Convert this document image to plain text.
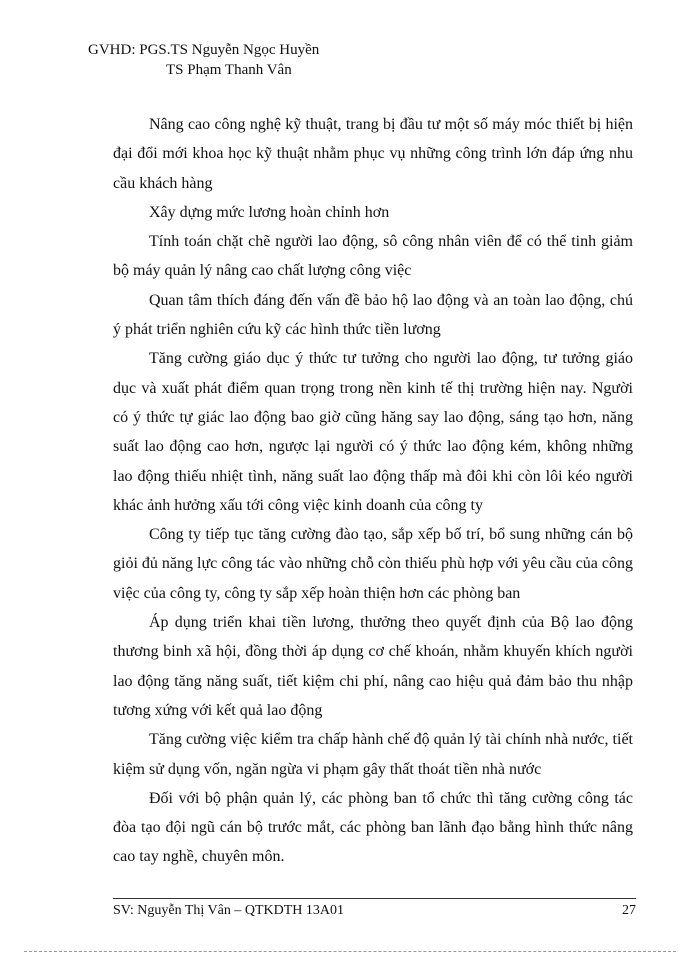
GVHD: PGS.TS Nguyễn Ngọc Huyền
TS Phạm Thanh Vân

Nâng cao công nghệ kỹ thuật, trang bị đầu tư một số máy móc thiết bị hiện đại đổi mới khoa học kỹ thuật nhằm phục vụ những công trình lớn đáp ứng nhu cầu khách hàng

Xây dựng mức lương hoàn chỉnh hơn

Tính toán chặt chẽ người lao động, sô công nhân viên để có thể tinh giảm bộ máy quản lý nâng cao chất lượng công việc

Quan tâm thích đáng đến vấn đề bảo hộ lao động và an toàn lao động, chú ý phát triển nghiên cứu kỹ các hình thức tiền lương

Tăng cường giáo dục ý thức tư tưởng cho người lao động, tư tưởng giáo dục và xuất phát điểm quan trọng trong nền kinh tế thị trường hiện nay. Người có ý thức tự giác lao động bao giờ cũng hăng say lao động, sáng tạo hơn, năng suất lao động cao hơn, ngược lại người có ý thức lao động kém, không những lao động thiếu nhiệt tình, năng suất lao động thấp mà đôi khi còn lôi kéo người khác ảnh hưởng xấu tới công việc kinh doanh của công ty

Công ty tiếp tục tăng cường đào tạo, sắp xếp bố trí, bổ sung những cán bộ giỏi đủ năng lực công tác vào những chỗ còn thiếu phù hợp với yêu cầu của công việc của công ty, công ty sắp xếp hoàn thiện hơn các phòng ban

Áp dụng triển khai tiền lương, thưởng theo quyết định của Bộ lao động thương binh xã hội, đồng thời áp dụng cơ chế khoán, nhằm khuyến khích người lao động tăng năng suất, tiết kiệm chi phí, nâng cao hiệu quả đảm bảo thu nhập tương xứng với kết quả lao động

Tăng cường việc kiểm tra chấp hành chế độ quản lý tài chính nhà nước, tiết kiệm sử dụng vốn, ngăn ngừa vi phạm gây thất thoát tiền nhà nước

Đối với bộ phận quản lý, các phòng ban tổ chức thì tăng cường công tác đòa tạo đội ngũ cán bộ trước mắt, các phòng ban lãnh đạo bằng hình thức nâng cao tay nghề, chuyên môn.

SV: Nguyễn Thị Vân – QTKDTH 13A01	27
